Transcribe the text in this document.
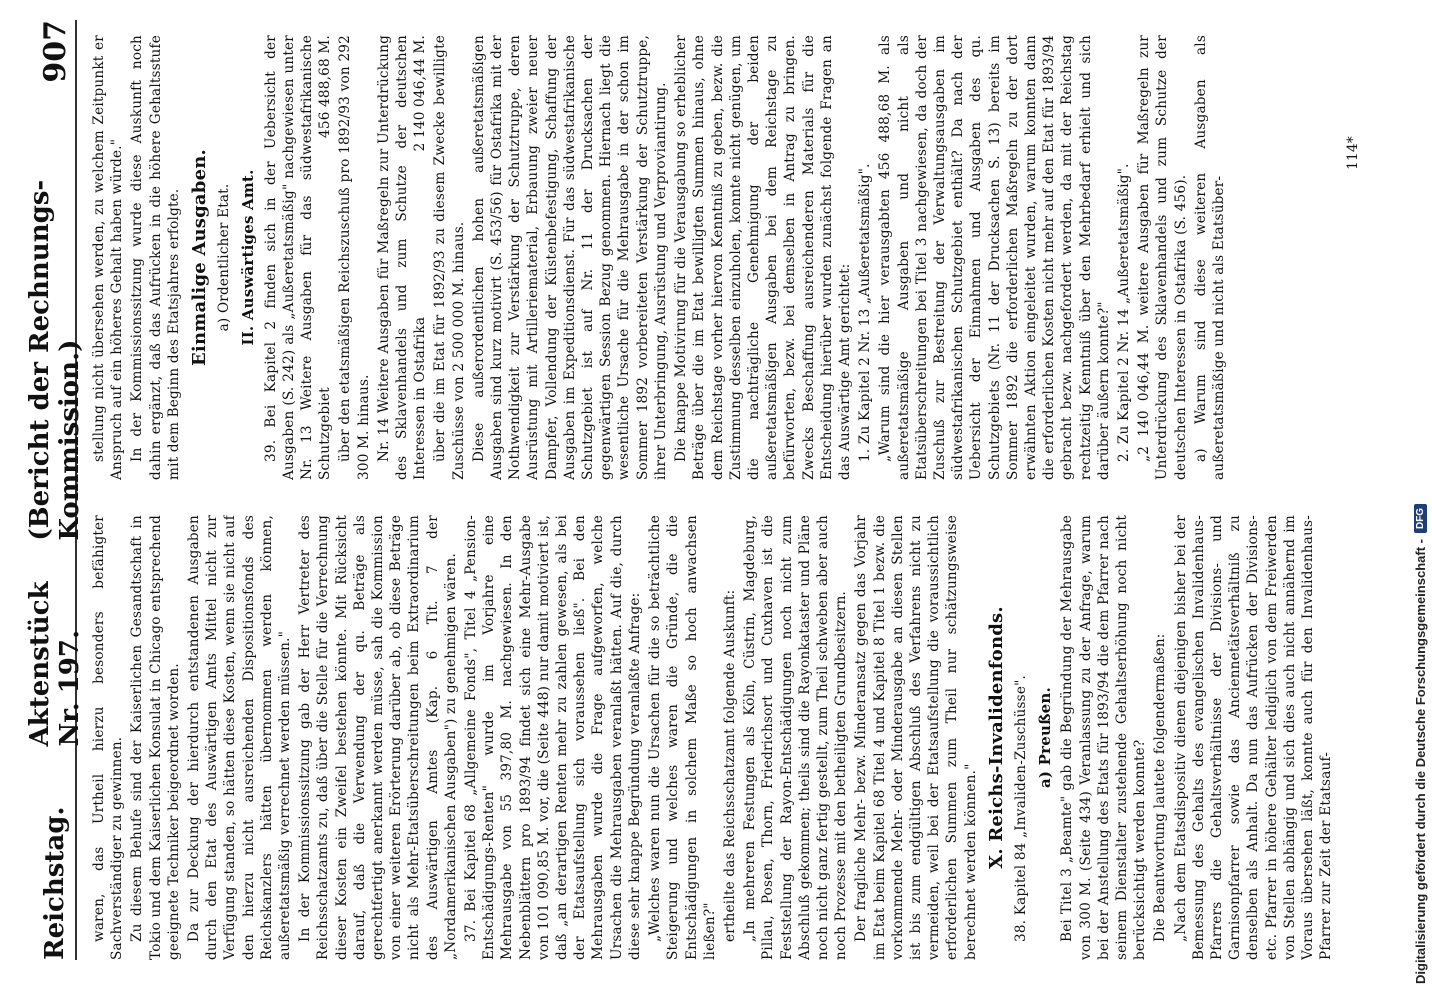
Reichstag.
Aktenstück Nr. 197.
(Bericht der Rechnungs-Kommission.)
907

waren, das Urtheil hierzu besonders befähigter Sachverständiger zu gewinnen. Zu diesem Behufe sind der Kaiserlichen Gesandtschaft in Tokio und dem Kaiserlichen Konsulat in Chicago entsprechend geeignete Techniker beigeordnet worden. Da zur Deckung der hierdurch entstandenen Ausgaben durch den Etat des Auswärtigen Amts Mittel nicht zur Verfügung standen, so hätten diese Kosten, wenn sie nicht auf den hierzu nicht ausreichenden Dispositionsfonds des Reichskanzlers hätten übernommen werden können, außeretatsmäßig verrechnet werden müssen." In der Kommissionssitzung gab der Herr Vertreter des Reichsschatzamts zu, daß über die Stelle für die Verrechnung dieser Kosten ein Zweifel bestehen könnte. Mit Rücksicht darauf, daß die Verwendung der qu. Beträge als gerechtfertigt anerkannt werden müsse, sah die Kommission von einer weiteren Erörterung darüber ab, ob diese Beträge nicht als Mehr-Etatsüberschreitungen beim Extraordinarium des Auswärtigen Amtes (Kap. 6 Tit. 7 der „Nordamerikanischen Ausgaben") zu genehmigen wären. 37. Bei Kapitel 68 „Allgemeine Fonds", Titel 4 „Pension-Entschädigungs-Renten" wurde im Vorjahre eine Mehrausgabe von 55 397,80 M. nachgewiesen. In den Nebenblättern pro 1893/94 findet sich eine Mehr-Ausgabe von 101 090,85 M. vor, die (Seite 448) nur damit motiviert ist, daß „an derartigen Renten mehr zu zahlen gewesen, als bei der Etatsaufstellung sich voraussehen ließ". Bei den Mehrausgaben wurde die Frage aufgeworfen, welche Ursachen die Mehrausgaben veranlaßt hätten. Auf die, durch diese sehr knappe Begründung veranlaßte Anfrage: „Welches waren nun die Ursachen für die so beträchtliche Steigerung und welches waren die Gründe, die die Entschädigungen in solchem Maße so hoch anwachsen ließen?" ertheilte das Reichsschatzamt folgende Auskunft: „In mehreren Festungen als Köln, Cüstrin, Magdeburg, Pillau, Posen, Thorn, Friedrichsort und Cuxhaven ist die Feststellung der Rayon-Entschädigungen noch nicht zum Abschluß gekommen; theils sind die Rayonkataster und Pläne noch nicht ganz fertig gestellt, zum Theil schweben aber auch noch Prozesse mit den betheiligten Grundbesitzern. Der fragliche Mehr- bezw. Minderansatz gegen das Vorjahr im Etat beim Kapitel 68 Titel 4 und Kapitel 8 Titel 1 bezw. die vorkommende Mehr- oder Minderausgabe an diesen Stellen ist bis zum endgültigen Abschluß des Verfahrens nicht zu vermeiden, weil bei der Etatsaufstellung die voraussichtlich erforderlichen Summen zum Theil nur schätzungsweise berechnet werden können." X. Reichs-Invalidenfonds. 38. Kapitel 84 „Invaliden-Zuschüsse". a) Preußen. Bei Titel 3 „Beamte" gab die Begründung der Mehrausgabe von 300 M. (Seite 434) Veranlassung zu der Anfrage, warum bei der Anstellung des Etats für 1893/94 die dem Pfarrer nach seinem Dienstalter zustehende Gehaltserhöhung noch nicht berücksichtigt werden konnte? Die Beantwortung lautete folgendermaßen: „Nach dem Etatsdispositiv dienen diejenigen bisher bei der Bemessung des Gehalts des evangelischen Invalidenhaus-Pfarrers die Gehaltsverhältnisse der Divisions- und Garnisonpfarrer sowie das Anciennetätsverhältniß zu denselben als Anhalt. Da nun das Aufrücken der Divisions- etc. Pfarrer in höhere Gehälter lediglich von dem Freiwerden von Stellen abhängig und sich dies auch nicht annähernd im Voraus übersehen läßt, konnte auch für den Invalidenhaus-Pfarrer zur Zeit der Etatsauf-

stellung nicht übersehen werden, zu welchem Zeitpunkt er Anspruch auf ein höheres Gehalt haben würde." In der Kommissionssitzung wurde diese Auskunft noch dahin ergänzt, daß das Aufrücken in die höhere Gehaltsstufe mit dem Beginn des Etatsjahres erfolgte. Einmalige Ausgaben. a) Ordentlicher Etat. II. Auswärtiges Amt. 39. Bei Kapitel 2 finden sich in der Uebersicht der Ausgaben (S. 242) als „Außeretatsmäßig" nachgewiesen unter Nr. 13 Weitere Ausgaben für das südwestafrikanische Schutzgebiet
456 488,68 M. über den etatsmäßigen Reichszuschuß pro 1892/93 von 292 300 M. hinaus. Nr. 14 Weitere Ausgaben für Maßregeln zur Unterdrückung des Sklavenhandels und zum Schutze der deutschen Interessen in Ostafrika
2 140 046,44 M. über die im Etat für 1892/93 zu diesem Zwecke bewilligte Zuschüsse von 2 500 000 M. hinaus. Diese außerordentlichen hohen außeretatsmäßigen Ausgaben sind kurz motivirt (S. 453/56) für Ostafrika mit der Nothwendigkeit zur Verstärkung der Schutztruppe, deren Ausrüstung mit Artilleriematerial, Erbauung zweier neuer Dampfer, Vollendung der Küstenbefestigung, Schaffung der Ausgaben im Expeditionsdienst. Für das südwestafrikanische Schutzgebiet ist auf Nr. 11 der Drucksachen der gegenwärtigen Session Bezug genommen. Hiernach liegt die wesentliche Ursache für die Mehrausgabe in der schon im Sommer 1892 vorbereiteten Verstärkung der Schutztruppe, ihrer Unterbringung, Ausrüstung und Verproviantirung. Die knappe Motivirung für die Verausgabung so erheblicher Beträge über die im Etat bewilligten Summen hinaus, ohne dem Reichstage vorher hiervon Kenntniß zu geben, bezw. die Zustimmung desselben einzuholen, konnte nicht genügen, um die nachträgliche Genehmigung der beiden außeretatsmäßigen Ausgaben bei dem Reichstage zu befürworten, bezw. bei demselben in Antrag zu bringen. Zwecks Beschaffung ausreichenderen Materials für die Entscheidung hierüber wurden zunächst folgende Fragen an das Auswärtige Amt gerichtet: 1. Zu Kapitel 2 Nr. 13 „Außeretatsmäßig". „Warum sind die hier verausgabten 456 488,68 M. als außeretatsmäßige Ausgaben und nicht als Etatsüberschreitungen bei Titel 3 nachgewiesen, da doch der Zuschuß zur Bestreitung der Verwaltungsausgaben im südwestafrikanischen Schutzgebiet enthält? Da nach der Uebersicht der Einnahmen und Ausgaben des qu. Schutzgebiets (Nr. 11 der Drucksachen S. 13) bereits im Sommer 1892 die erforderlichen Maßregeln zu der dort erwähnten Aktion eingeleitet wurden, warum konnten dann die erforderlichen Kosten nicht mehr auf den Etat für 1893/94 gebracht bezw. nachgefordert werden, da mit der Reichstag rechtzeitig Kenntniß über den Mehrbedarf erhielt und sich darüber äußern konnte?" 2. Zu Kapitel 2 Nr. 14 „Außeretatsmäßig". „2 140 046,44 M. weitere Ausgaben für Maßregeln zur Unterdrückung des Sklavenhandels und zum Schutze der deutschen Interessen in Ostafrika (S. 456). a) Warum sind diese weiteren Ausgaben als außeretatsmäßige und nicht als Etatsüber-

114*
Digitalisierung gefördert durch die Deutsche Forschungsgemeinschaft -
DFG
